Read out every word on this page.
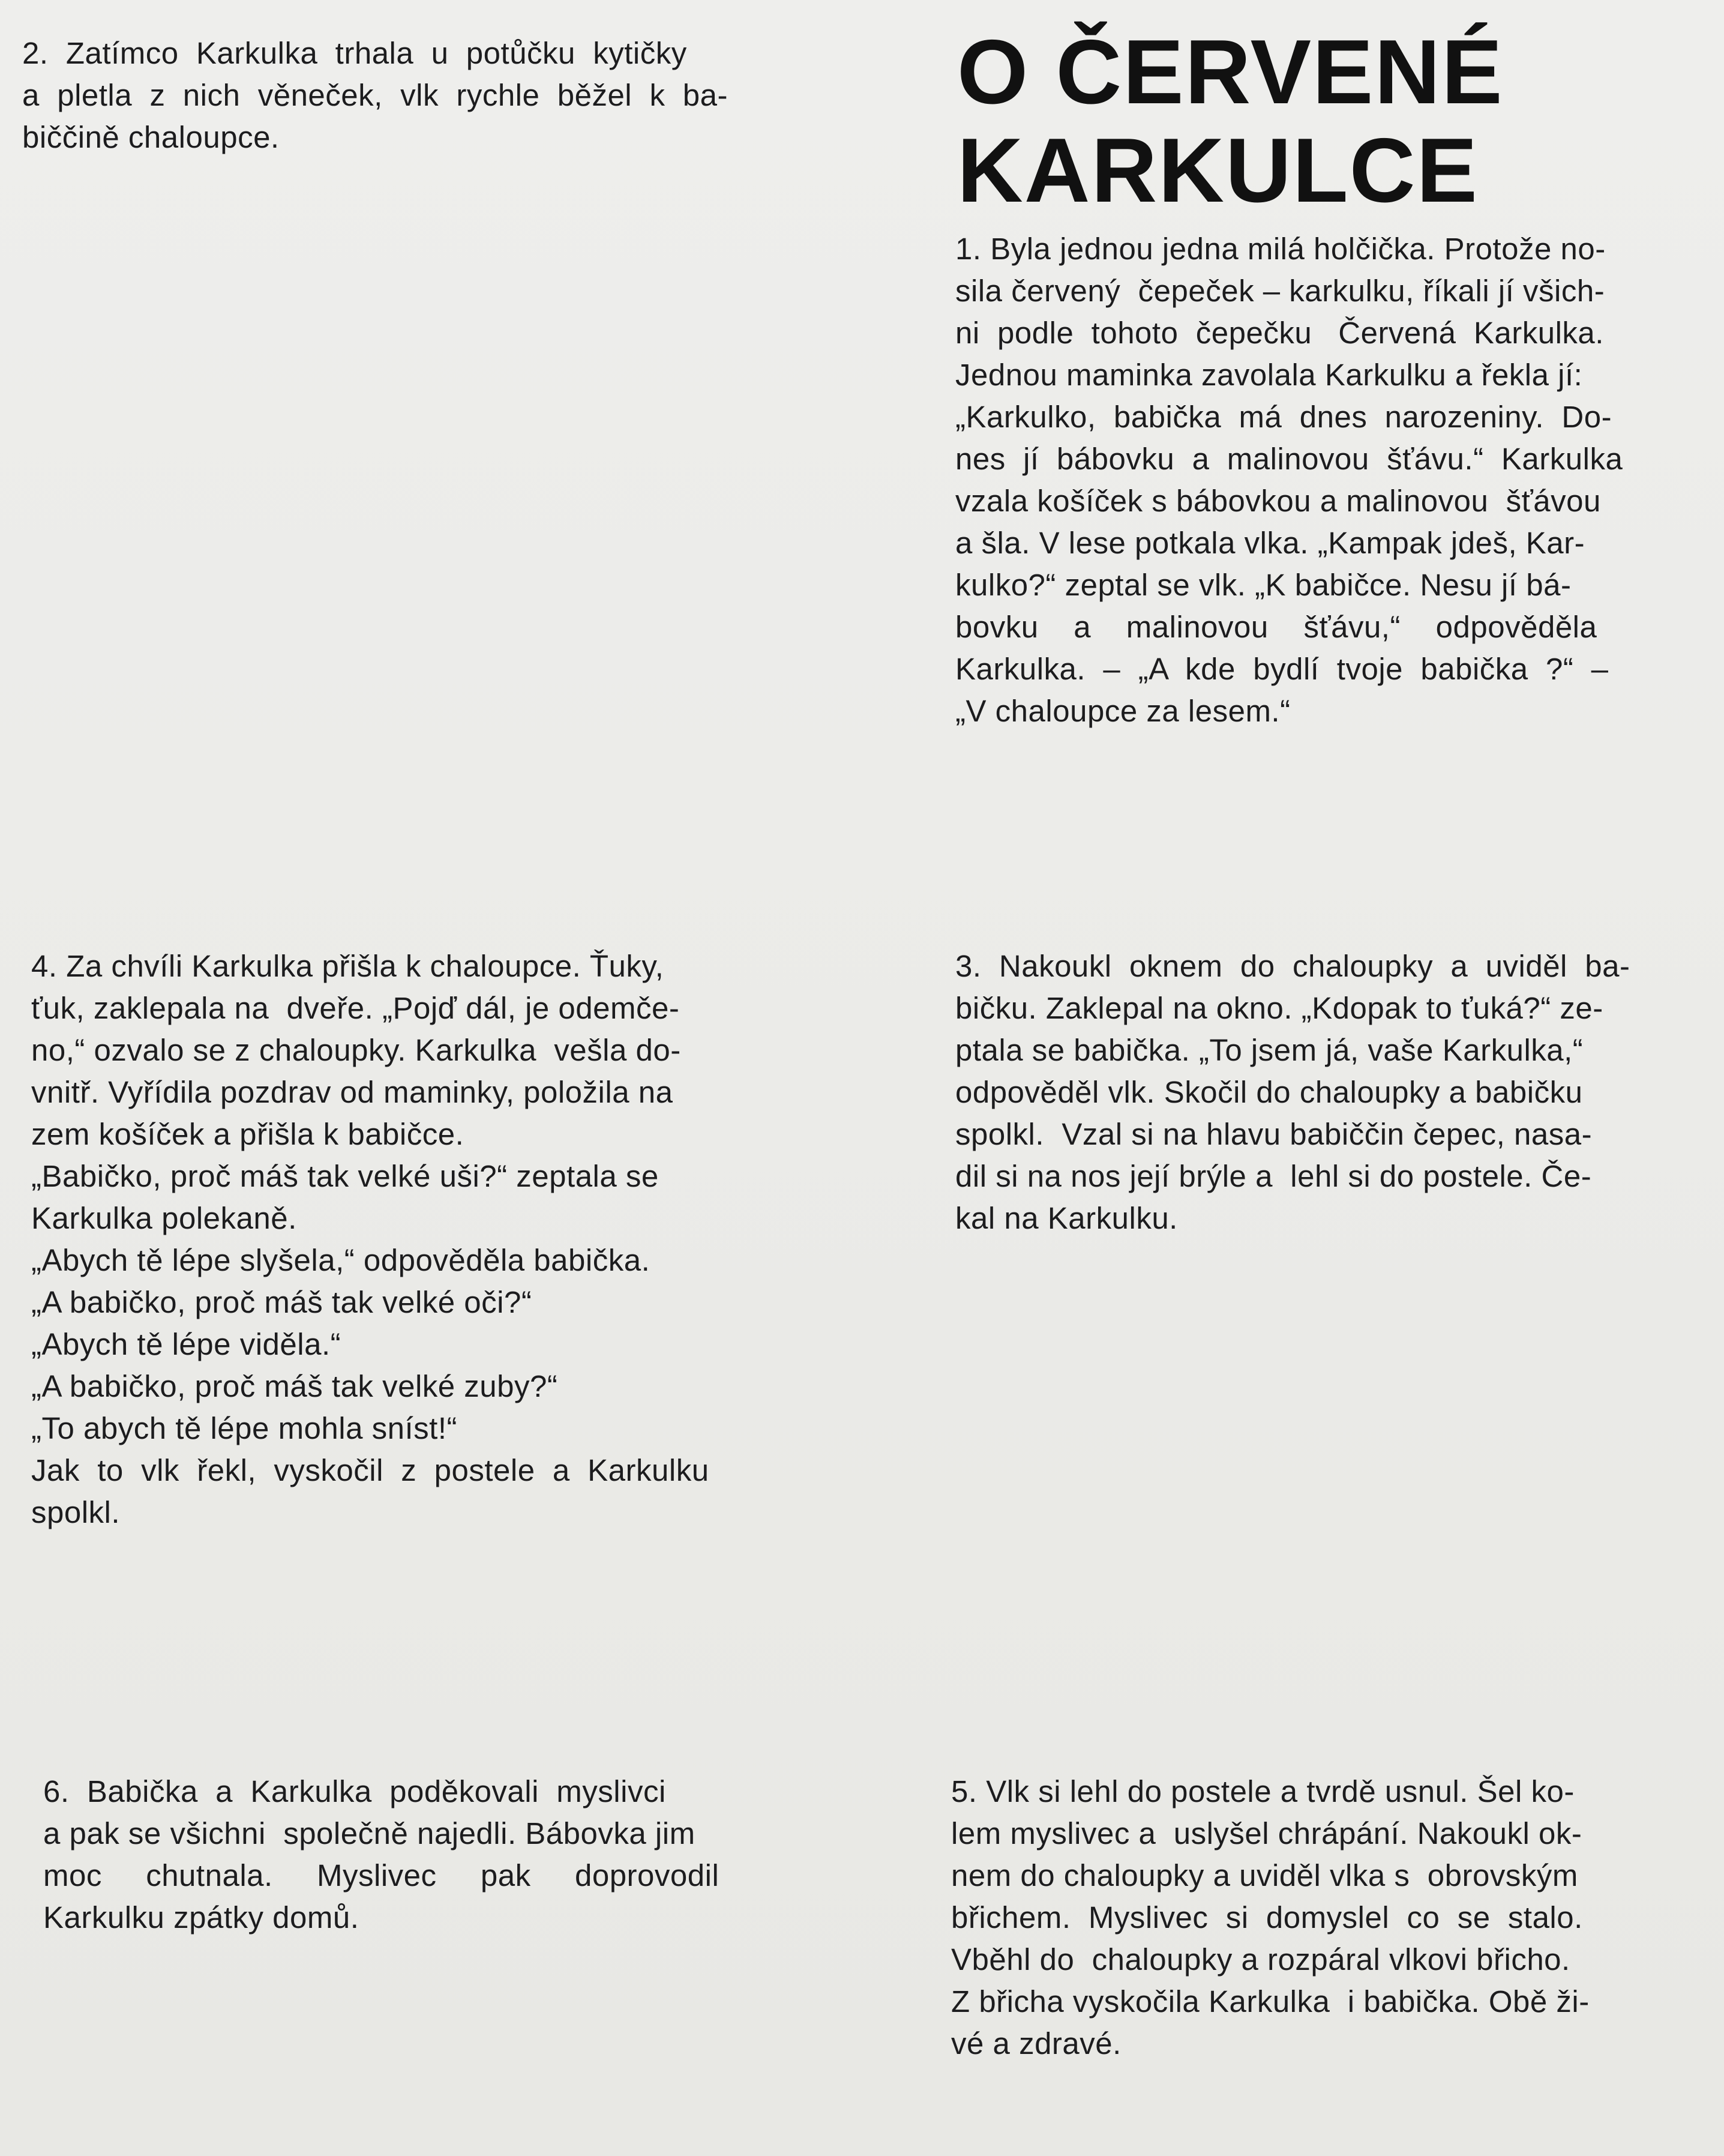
O ČERVENÉ

KARKULCE

2.  Zatímco  Karkulka  trhala  u  potůčku  kytičky

a  pletla  z  nich  věneček,  vlk  rychle  běžel  k  ba-

biččině chaloupce.

1. Byla jednou jedna milá holčička. Protože no-

sila červený  čepeček – karkulku, říkali jí všich-

ni  podle  tohoto  čepečku   Červená  Karkulka.

Jednou maminka zavolala Karkulku a řekla jí:

„Karkulko,  babička  má  dnes  narozeniny.  Do-

nes  jí  bábovku  a  malinovou  šťávu.“  Karkulka

vzala košíček s bábovkou a malinovou  šťávou

a šla. V lese potkala vlka. „Kampak jdeš, Kar-

kulko?“ zeptal se vlk. „K babičce. Nesu jí bá-

bovku    a    malinovou    šťávu,“    odpověděla

Karkulka.  –  „A  kde  bydlí  tvoje  babička  ?“  –

„V chaloupce za lesem.“

4. Za chvíli Karkulka přišla k chaloupce. Ťuky,

ťuk, zaklepala na  dveře. „Pojď dál, je odemče-

no,“ ozvalo se z chaloupky. Karkulka  vešla do-

vnitř. Vyřídila pozdrav od maminky, položila na

zem košíček a přišla k babičce.

„Babičko, proč máš tak velké uši?“ zeptala se

Karkulka polekaně.

„Abych tě lépe slyšela,“ odpověděla babička.

„A babičko, proč máš tak velké oči?“

„Abych tě lépe viděla.“

„A babičko, proč máš tak velké zuby?“

„To abych tě lépe mohla sníst!“

Jak  to  vlk  řekl,  vyskočil  z  postele  a  Karkulku

spolkl.

3.  Nakoukl  oknem  do  chaloupky  a  uviděl  ba-

bičku. Zaklepal na okno. „Kdopak to ťuká?“ ze-

ptala se babička. „To jsem já, vaše Karkulka,“

odpověděl vlk. Skočil do chaloupky a babičku

spolkl.  Vzal si na hlavu babiččin čepec, nasa-

dil si na nos její brýle a  lehl si do postele. Če-

kal na Karkulku.

6.  Babička  a  Karkulka  poděkovali  myslivci

a pak se všichni  společně najedli. Bábovka jim

moc     chutnala.     Myslivec     pak     doprovodil

Karkulku zpátky domů.

5. Vlk si lehl do postele a tvrdě usnul. Šel ko-

lem myslivec a  uslyšel chrápání. Nakoukl ok-

nem do chaloupky a uviděl vlka s  obrovským

břichem.  Myslivec  si  domyslel  co  se  stalo.

Vběhl do  chaloupky a rozpáral vlkovi břicho.

Z břicha vyskočila Karkulka  i babička. Obě ži-

vé a zdravé.
